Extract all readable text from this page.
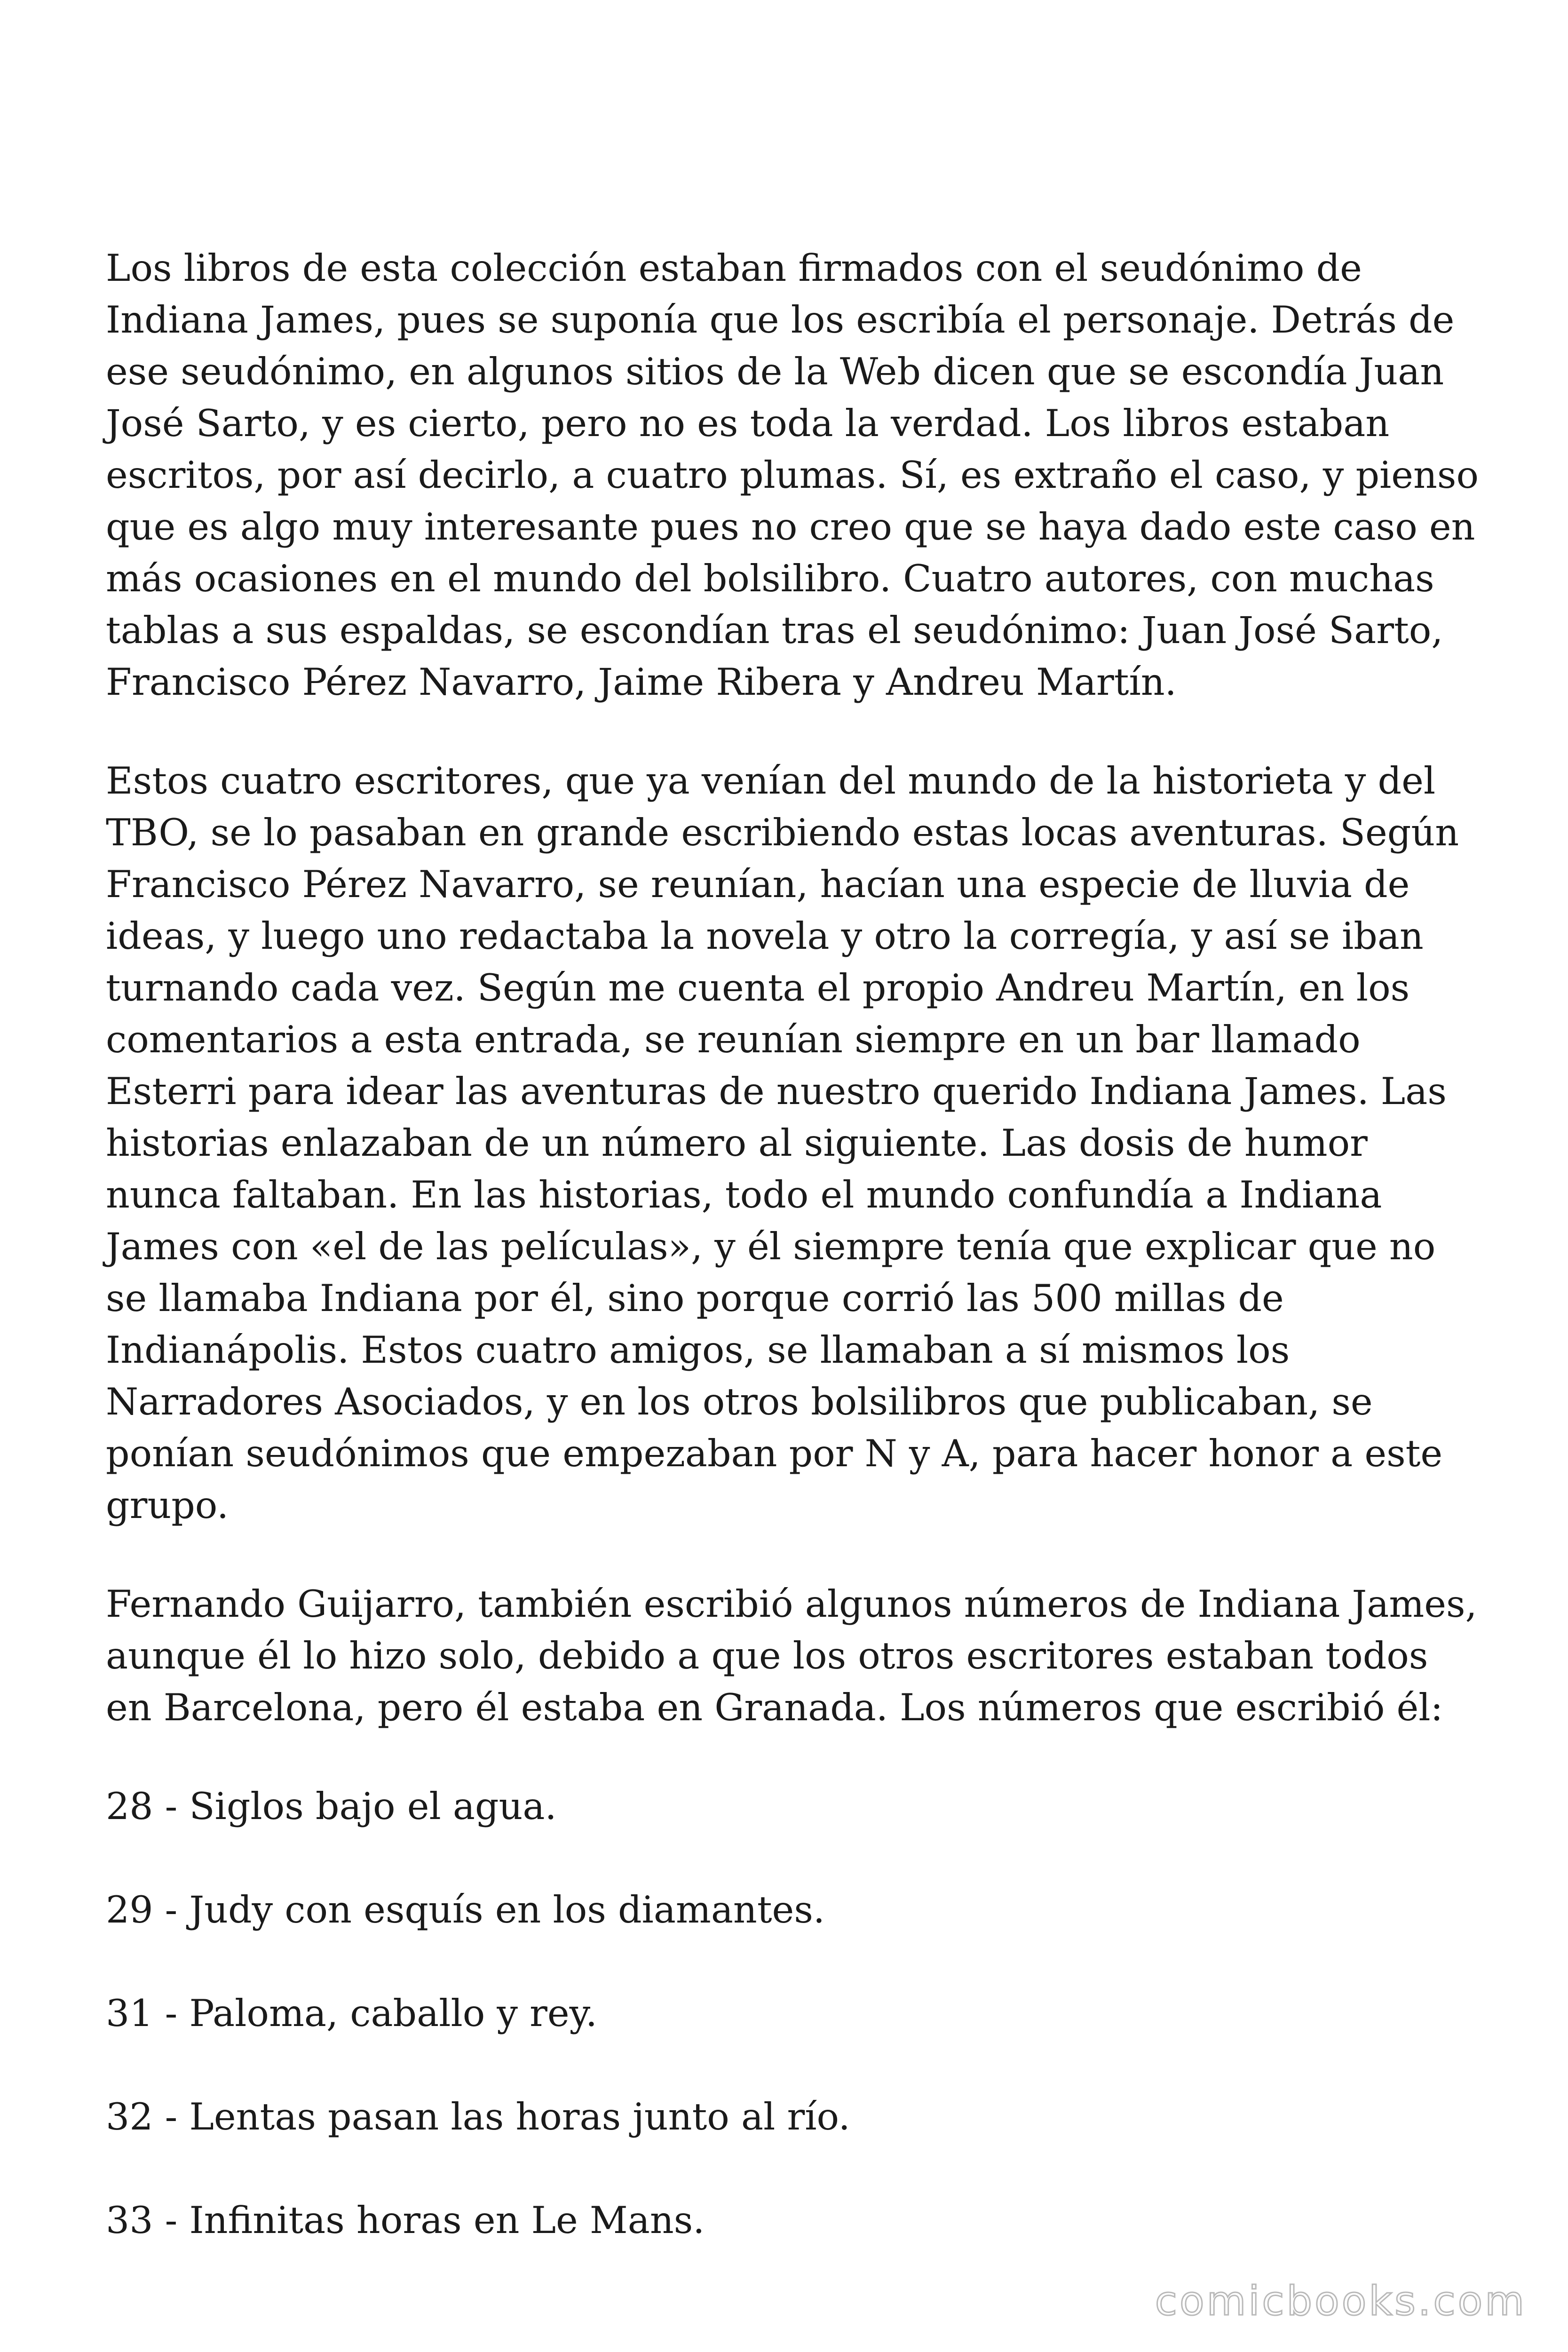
Los libros de esta colección estaban firmados con el seudónimo de Indiana James, pues se suponía que los escribía el personaje. Detrás de ese seudónimo, en algunos sitios de la Web dicen que se escondía Juan José Sarto, y es cierto, pero no es toda la verdad. Los libros estaban escritos, por así decirlo, a cuatro plumas. Sí, es extraño el caso, y pienso que es algo muy interesante pues no creo que se haya dado este caso en más ocasiones en el mundo del bolsilibro. Cuatro autores, con muchas tablas a sus espaldas, se escondían tras el seudónimo: Juan José Sarto, Francisco Pérez Navarro, Jaime Ribera y Andreu Martín.

Estos cuatro escritores, que ya venían del mundo de la historieta y del TBO, se lo pasaban en grande escribiendo estas locas aventuras. Según Francisco Pérez Navarro, se reunían, hacían una especie de lluvia de ideas, y luego uno redactaba la novela y otro la corregía, y así se iban turnando cada vez. Según me cuenta el propio Andreu Martín, en los comentarios a esta entrada, se reunían siempre en un bar llamado Esterri para idear las aventuras de nuestro querido Indiana James. Las historias enlazaban de un número al siguiente. Las dosis de humor nunca faltaban. En las historias, todo el mundo confundía a Indiana James con «el de las películas», y él siempre tenía que explicar que no se llamaba Indiana por él, sino porque corrió las 500 millas de Indianápolis. Estos cuatro amigos, se llamaban a sí mismos los Narradores Asociados, y en los otros bolsilibros que publicaban, se ponían seudónimos que empezaban por N y A, para hacer honor a este grupo.

Fernando Guijarro, también escribió algunos números de Indiana James, aunque él lo hizo solo, debido a que los otros escritores estaban todos en Barcelona, pero él estaba en Granada. Los números que escribió él:

28 - Siglos bajo el agua.

29 - Judy con esquís en los diamantes.

31 - Paloma, caballo y rey.

32 - Lentas pasan las horas junto al río.

33 - Infinitas horas en Le Mans.

comicbooks.com
